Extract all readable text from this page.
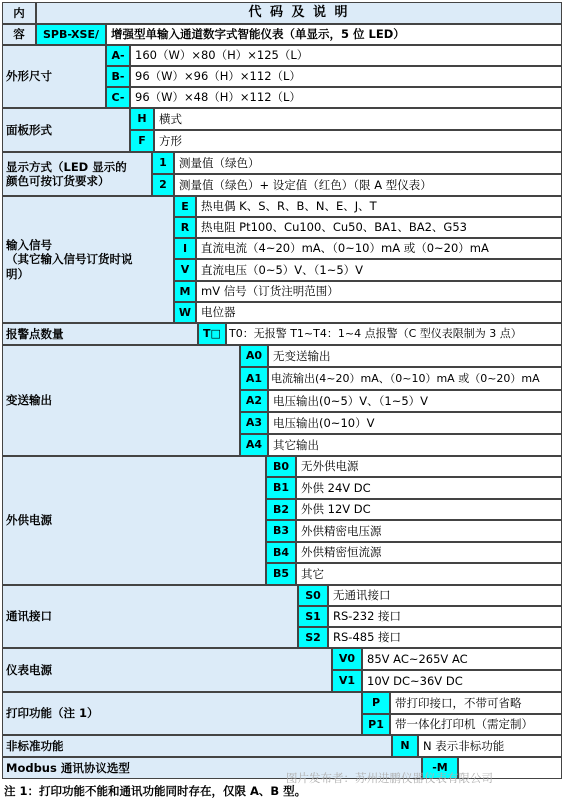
内	代 码 及 说 明
容	SPB-XSE/	增强型单输入通道数字式智能仪表（单显示，5 位 LED）
外形尺寸
A- 160（W）×80（H）×125（L）
B- 96（W）×96（H）×112（L）
C- 96（W）×48（H）×112（L）
面板形式
H	横式
F	方形
显示方式（LED 显示的
颜色可按订货要求）
1	测量值（绿色）
2	测量值（绿色）+ 设定值（红色）（限 A 型仪表）
输入信号
（其它输入信号订货时说
明）
E	热电偶 K、S、R、B、N、E、J、T
R	热电阻 Pt100、Cu100、Cu50、BA1、BA2、G53
I	直流电流（4~20）mA、（0~10）mA 或（0~20）mA
V	直流电压（0~5）V、（1~5）V
M mV 信号（订货注明范围）
W 电位器
报警点数量	T□ T0：无报警 T1~T4：1~4 点报警（C 型仪表限制为 3 点）
变送输出
A0 无变送输出
A1 电流输出(4~20）mA、（0~10）mA 或（0~20）mA
A2 电压输出(0~5）V、（1~5）V
A3 电压输出(0~10）V
A4 其它输出
外供电源
B0	无外供电源
B1	外供 24V DC
B2	外供 12V DC
B3	外供精密电压源
B4	外供精密恒流源
B5	其它
通讯接口
S0	无通讯接口
S1	RS-232 接口
S2	RS-485 接口
仪表电源
V0	85V AC~265V AC
V1	10V DC~36V DC
打印功能（注 1）
P	带打印接口，不带可省略
P1 带一体化打印机（需定制）
非标准功能	N	N 表示非标功能
Modbus 通讯协议选型	-M
图片发布者：苏州进鹏仪器仪表有限公司
注 1：打印功能不能和通讯功能同时存在，仅限 A、B 型。
